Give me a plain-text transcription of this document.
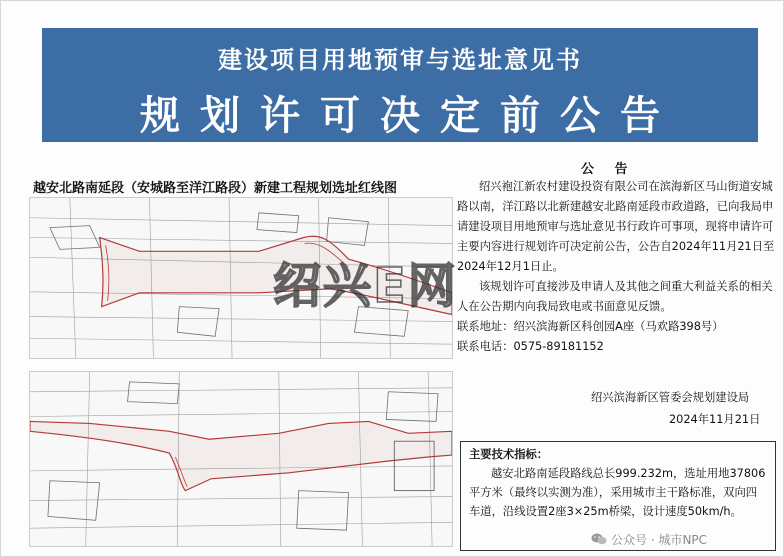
建设项目用地预审与选址意见书
规划许可决定前公告
越安北路南延段（安城路至洋江路段）新建工程规划选址红线图
公 告

绍兴袍江新农村建设投资有限公司在滨海新区马山街道安城路以南，洋江路以北新建越安北路南延段市政道路，已向我局申请建设项目用地预审与选址意见书行政许可事项，现将申请许可主要内容进行规划许可决定前公告，公告自2024年11月21日至2024年12月1日止。

该规划许可直接涉及申请人及其他之间重大利益关系的相关人在公告期内向我局致电或书面意见反馈。

联系地址：绍兴滨海新区科创园A座（马欢路398号）

联系电话：0575-89181152

绍兴滨海新区管委会规划建设局
2024年11月21日
主要技术指标：
越安北路南延段路线总长999.232m，选址用地37806平方米（最终以实测为准），采用城市主干路标准，双向四车道，沿线设置2座3×25m桥梁，设计速度50km/h。
绍兴E网
公众号 · 城市NPC
